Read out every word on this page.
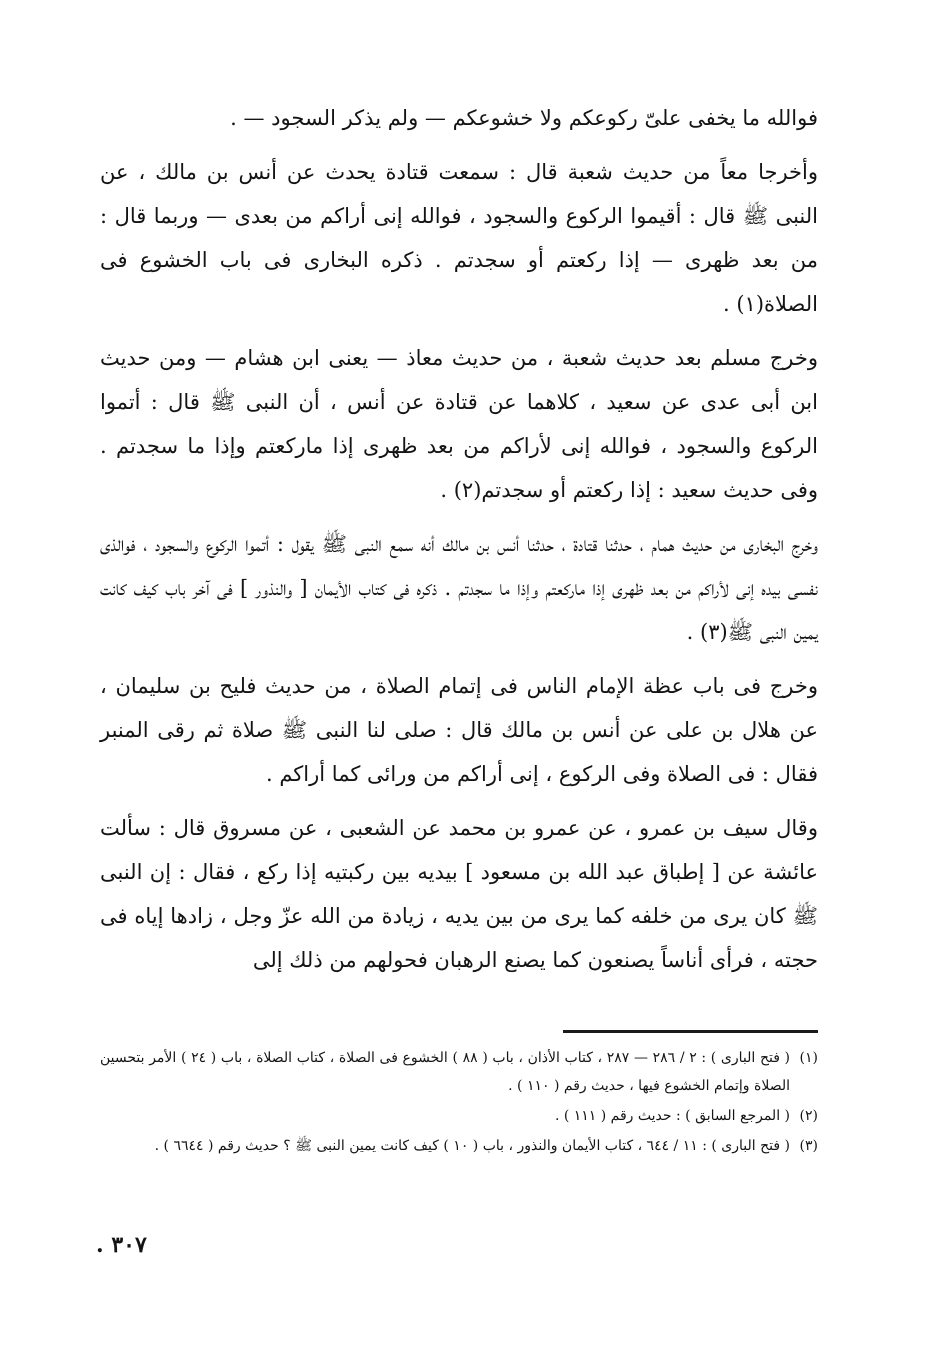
فوالله ما يخفى علىّ ركوعكم ولا خشوعكم — ولم يذكر السجود — .

وأخرجا معاً من حديث شعبة قال : سمعت قتادة يحدث عن أنس بن مالك ، عن النبى ﷺ قال : أقيموا الركوع والسجود ، فوالله إنى أراكم من بعدى — وربما قال : من بعد ظهرى — إذا ركعتم أو سجدتم . ذكره البخارى فى باب الخشوع فى الصلاة(١) .

وخرج مسلم بعد حديث شعبة ، من حديث معاذ — يعنى ابن هشام — ومن حديث ابن أبى عدى عن سعيد ، كلاهما عن قتادة عن أنس ، أن النبى ﷺ قال : أتموا الركوع والسجود ، فوالله إنى لأراكم من بعد ظهرى إذا ماركعتم وإذا ما سجدتم . وفى حديث سعيد : إذا ركعتم أو سجدتم(٢) .

وخرج البخارى من حديث همام ، حدثنا قتادة ، حدثنا أنس بن مالك أنه سمع النبى ﷺ يقول : أتموا الركوع والسجود ، فوالذى نفسى بيده إنى لأراكم من بعد ظهرى إذا ماركعتم وإذا ما سجدتم . ذكره فى كتاب الأيمان [ والنذور ] فى آخر باب كيف كانت يمين النبى ﷺ(٣) .

وخرج فى باب عظة الإمام الناس فى إتمام الصلاة ، من حديث فليح بن سليمان ، عن هلال بن على عن أنس بن مالك قال : صلى لنا النبى ﷺ صلاة ثم رقى المنبر فقال : فى الصلاة وفى الركوع ، إنى أراكم من ورائى كما أراكم .

وقال سيف بن عمرو ، عن عمرو بن محمد عن الشعبى ، عن مسروق قال : سألت عائشة عن [ إطباق عبد الله بن مسعود ] بيديه بين ركبتيه إذا ركع ، فقال : إن النبى ﷺ كان يرى من خلفه كما يرى من بين يديه ، زيادة من الله عزّ وجل ، زادها إياه فى حجته ، فرأى أناساً يصنعون كما يصنع الرهبان فحولهم من ذلك إلى

(١)
( فتح البارى ) : ٢ / ٢٨٦ — ٢٨٧ ، كتاب الأذان ، باب ( ٨٨ ) الخشوع فى الصلاة ، كتاب الصلاة ، باب ( ٢٤ ) الأمر بتحسين الصلاة وإتمام الخشوع فيها ، حديث رقم ( ١١٠ ) .
(٢)
( المرجع السابق ) : حديث رقم ( ١١١ ) .
(٣)
( فتح البارى ) : ١١ / ٦٤٤ ، كتاب الأيمان والنذور ، باب ( ١٠ ) كيف كانت يمين النبى ﷺ ؟ حديث رقم ( ٦٦٤٤ ) .
٣٠٧ .
